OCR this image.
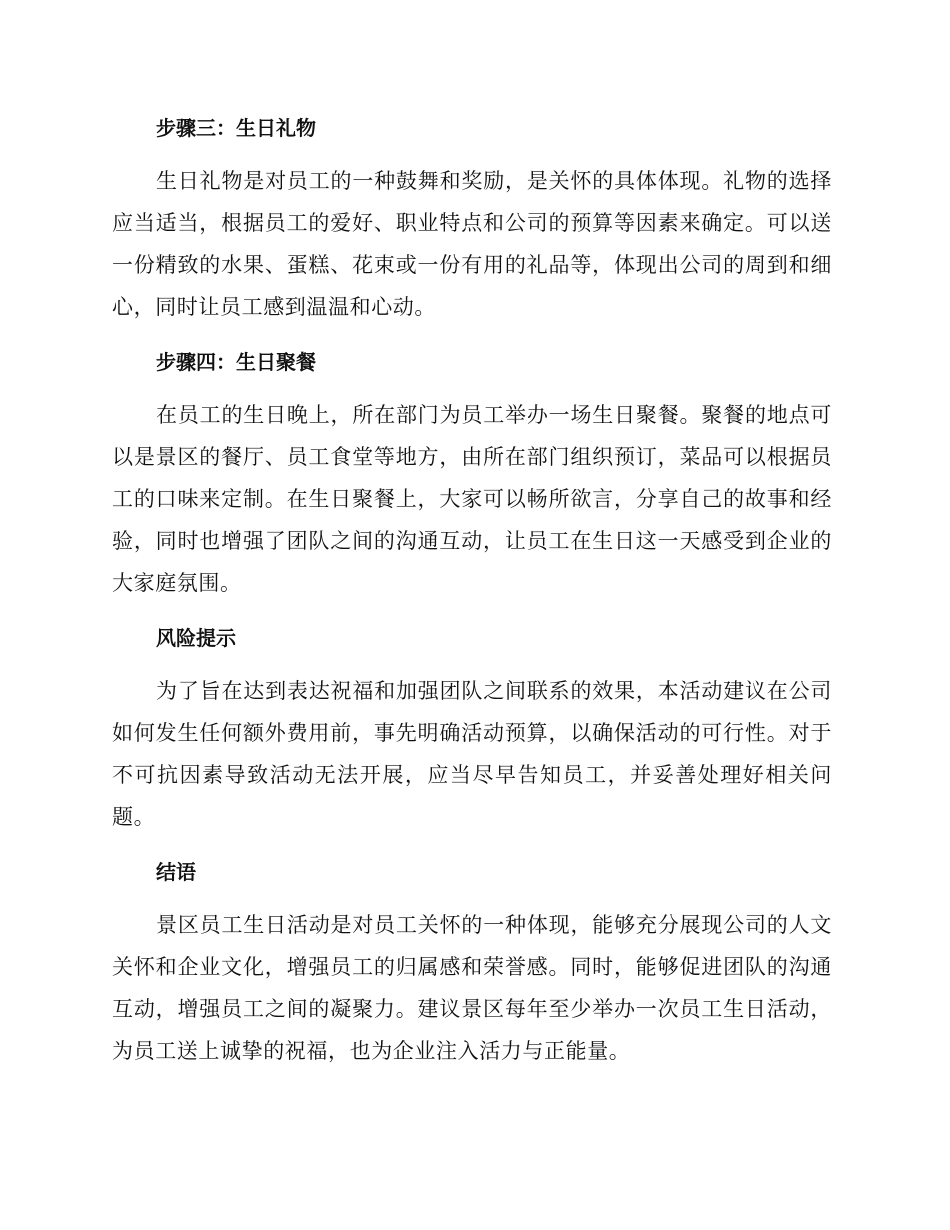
步骤三：生日礼物

生日礼物是对员工的一种鼓舞和奖励，是关怀的具体体现。礼物的选择应当适当，根据员工的爱好、职业特点和公司的预算等因素来确定。可以送一份精致的水果、蛋糕、花束或一份有用的礼品等，体现出公司的周到和细心，同时让员工感到温温和心动。

步骤四：生日聚餐

在员工的生日晚上，所在部门为员工举办一场生日聚餐。聚餐的地点可以是景区的餐厅、员工食堂等地方，由所在部门组织预订，菜品可以根据员工的口味来定制。在生日聚餐上，大家可以畅所欲言，分享自己的故事和经验，同时也增强了团队之间的沟通互动，让员工在生日这一天感受到企业的大家庭氛围。

风险提示

为了旨在达到表达祝福和加强团队之间联系的效果，本活动建议在公司如何发生任何额外费用前，事先明确活动预算，以确保活动的可行性。对于不可抗因素导致活动无法开展，应当尽早告知员工，并妥善处理好相关问题。

结语

景区员工生日活动是对员工关怀的一种体现，能够充分展现公司的人文关怀和企业文化，增强员工的归属感和荣誉感。同时，能够促进团队的沟通互动，增强员工之间的凝聚力。建议景区每年至少举办一次员工生日活动，为员工送上诚挚的祝福，也为企业注入活力与正能量。
